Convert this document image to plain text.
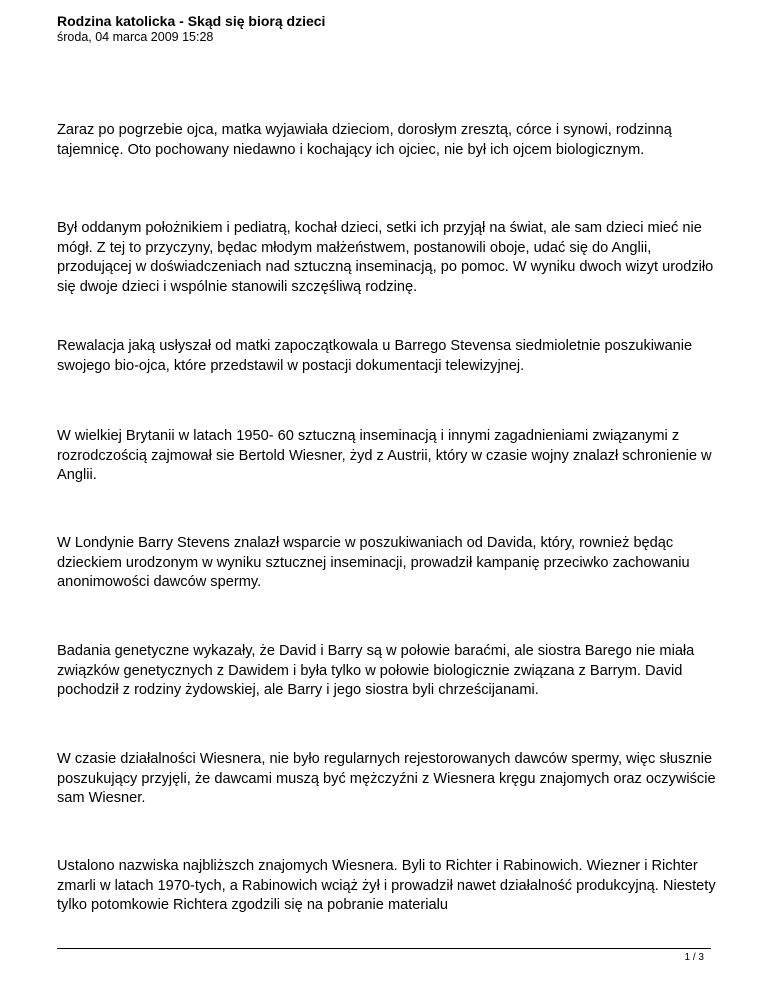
Rodzina katolicka - Skąd się biorą dzieci
środa, 04 marca 2009 15:28

Zaraz po pogrzebie ojca, matka wyjawiała dzieciom, dorosłym zresztą, córce i synowi, rodzinną tajemnicę. Oto pochowany niedawno i kochający ich ojciec, nie był ich ojcem biologicznym.

Był oddanym położnikiem i pediatrą, kochał dzieci, setki ich przyjął na świat, ale sam dzieci mieć nie mógł. Z tej to przyczyny, będac młodym małżeństwem, postanowili oboje, udać się do Anglii, przodującej w doświadczeniach nad sztuczną inseminacją, po pomoc. W wyniku dwoch wizyt urodziło się dwoje dzieci i wspólnie stanowili szczęśliwą rodzinę.

Rewalacja jaką usłyszał od matki zapoczątkowala u Barrego Stevensa siedmioletnie poszukiwanie swojego bio-ojca, które przedstawil w postacji dokumentacji telewizyjnej.

W wielkiej Brytanii w latach 1950- 60 sztuczną inseminacją i innymi zagadnieniami związanymi z rozrodczością zajmował sie Bertold Wiesner, żyd z Austrii, który w czasie wojny znalazł schronienie w Anglii.

W Londynie Barry Stevens znalazł wsparcie w poszukiwaniach od Davida, który, rownież będąc dzieckiem urodzonym w wyniku sztucznej inseminacji, prowadził kampanię przeciwko zachowaniu anonimowości dawców spermy.

Badania genetyczne wykazały, że David i Barry są w połowie baraćmi, ale siostra Barego nie miała związków genetycznych z Dawidem i była tylko w połowie biologicznie związana z Barrym. David pochodził z rodziny żydowskiej, ale Barry i jego siostra byli chrześcijanami.

W czasie działalności Wiesnera, nie było regularnych rejestorowanych dawców spermy, więc słusznie poszukujący przyjęli, że dawcami muszą być mężczyźni z Wiesnera kręgu znajomych oraz oczywiście sam Wiesner.

Ustalono nazwiska najbliższch znajomych Wiesnera. Byli to Richter i Rabinowich. Wiezner i Richter zmarli w latach 1970-tych, a Rabinowich wciąż żył i prowadził nawet działalność produkcyjną. Niestety tylko potomkowie Richtera zgodzili się na pobranie materialu

1 / 3
